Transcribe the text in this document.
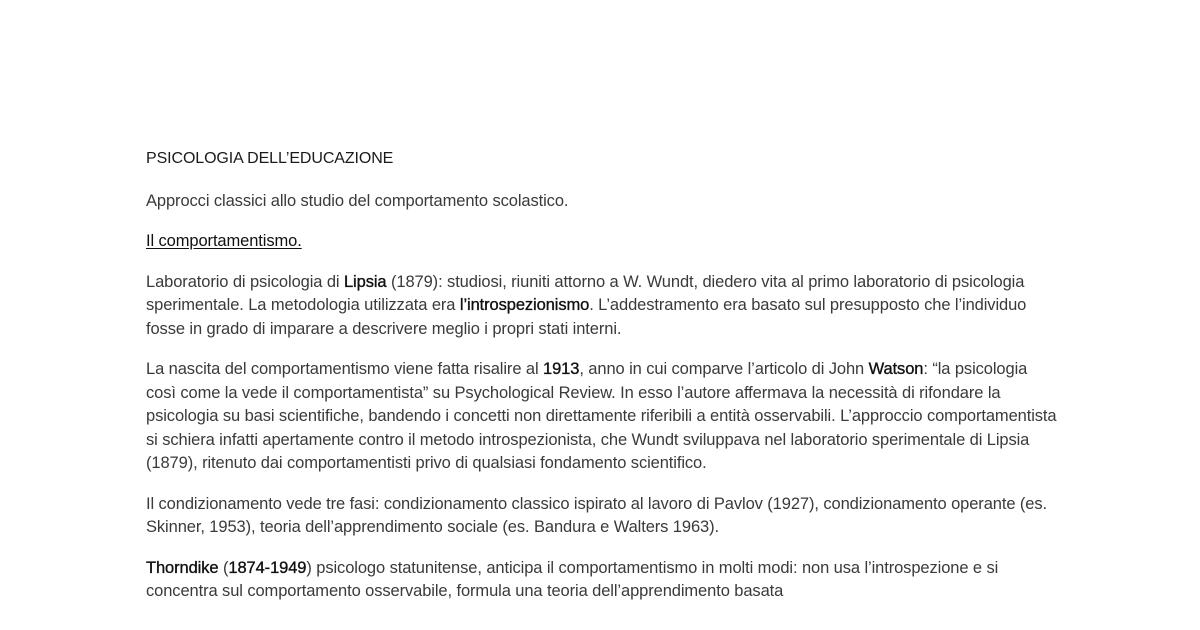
PSICOLOGIA DELL’EDUCAZIONE
Approcci classici allo studio del comportamento scolastico.
Il comportamentismo.

Laboratorio di psicologia di Lipsia (1879): studiosi, riuniti attorno a W. Wundt, diedero vita al primo laboratorio di psicologia sperimentale. La metodologia utilizzata era l’introspezionismo. L’addestramento era basato sul presupposto che l’individuo fosse in grado di imparare a descrivere meglio i propri stati interni.

La nascita del comportamentismo viene fatta risalire al 1913, anno in cui comparve l’articolo di John Watson: “la psicologia così come la vede il comportamentista” su Psychological Review. In esso l’autore affermava la necessità di rifondare la psicologia su basi scientifiche, bandendo i concetti non direttamente riferibili a entità osservabili. L’approccio comportamentista si schiera infatti apertamente contro il metodo introspezionista, che Wundt sviluppava nel laboratorio sperimentale di Lipsia (1879), ritenuto dai comportamentisti privo di qualsiasi fondamento scientifico.

Il condizionamento vede tre fasi: condizionamento classico ispirato al lavoro di Pavlov (1927), condizionamento operante (es. Skinner, 1953), teoria dell’apprendimento sociale (es. Bandura e Walters 1963).

Thorndike (1874-1949) psicologo statunitense, anticipa il comportamentismo in molti modi: non usa l’introspezione e si concentra sul comportamento osservabile, formula una teoria dell’apprendimento basata
